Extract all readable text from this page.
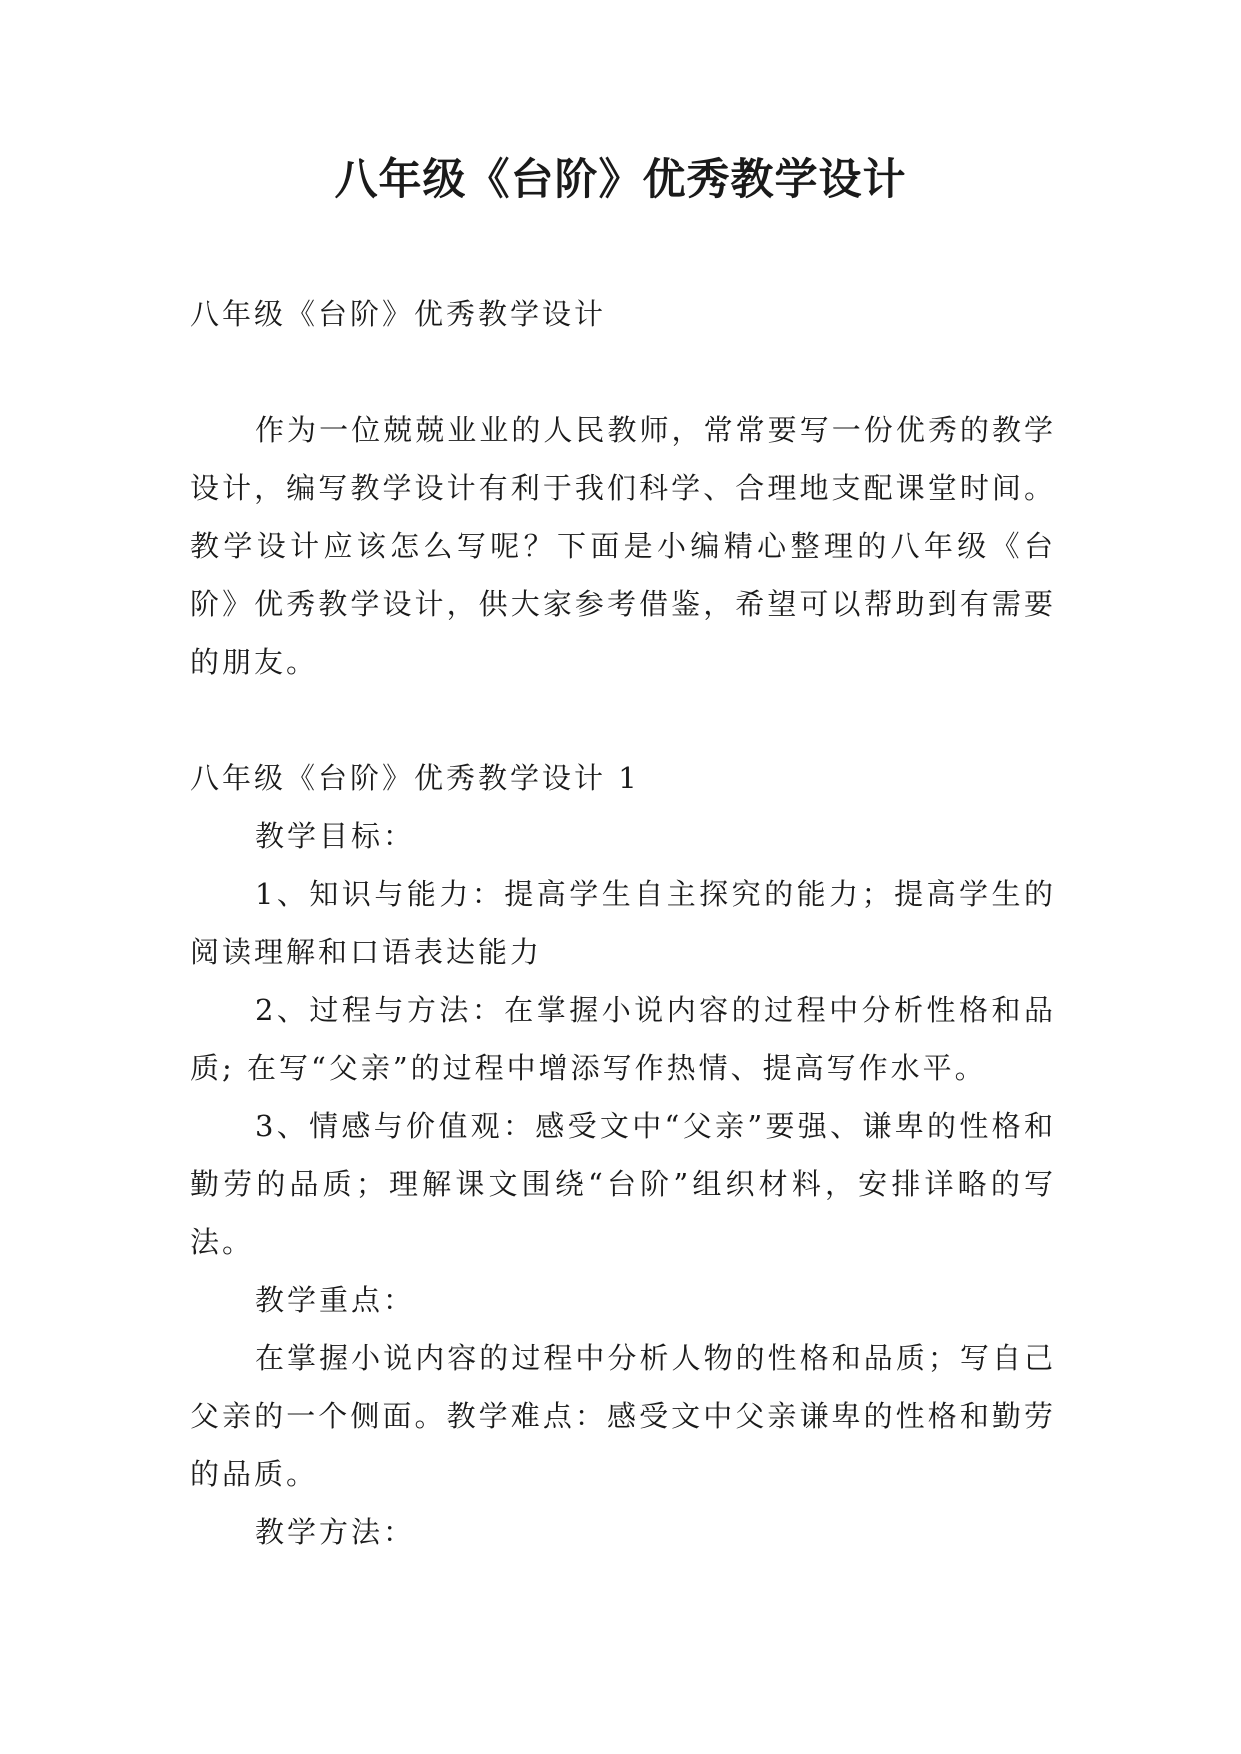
八年级《台阶》优秀教学设计

八年级《台阶》优秀教学设计

作为一位兢兢业业的人民教师，常常要写一份优秀的教学设计，编写教学设计有利于我们科学、合理地支配课堂时间。教学设计应该怎么写呢？下面是小编精心整理的八年级《台阶》优秀教学设计，供大家参考借鉴，希望可以帮助到有需要的朋友。

八年级《台阶》优秀教学设计 1

教学目标：

1、知识与能力：提高学生自主探究的能力；提高学生的阅读理解和口语表达能力

2、过程与方法：在掌握小说内容的过程中分析性格和品质; 在写“父亲”的过程中增添写作热情、提高写作水平。

3、情感与价值观：感受文中“父亲”要强、谦卑的性格和勤劳的品质；理解课文围绕“台阶”组织材料，安排详略的写法。

教学重点：

在掌握小说内容的过程中分析人物的性格和品质；写自己父亲的一个侧面。教学难点：感受文中父亲谦卑的性格和勤劳的品质。

教学方法：
